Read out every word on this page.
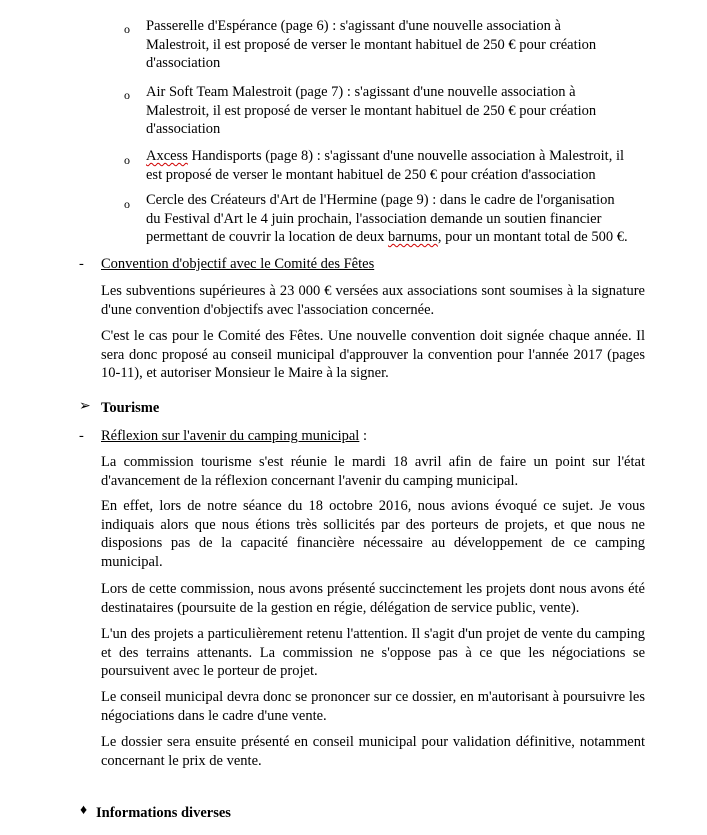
o Passerelle d'Espérance (page 6) : s'agissant d'une nouvelle association à
Malestroit, il est proposé de verser le montant habituel de 250 € pour création
d'association
o Air Soft Team Malestroit (page 7) : s'agissant d'une nouvelle association à
Malestroit, il est proposé de verser le montant habituel de 250 € pour création
d'association
o Axcess Handisports (page 8) : s'agissant d'une nouvelle association à Malestroit, il
est proposé de verser le montant habituel de 250 € pour création d'association
o Cercle des Créateurs d'Art de l'Hermine (page 9) : dans le cadre de l'organisation
du Festival d'Art le 4 juin prochain, l'association demande un soutien financier
permettant de couvrir la location de deux barnums, pour un montant total de 500 €.
- Convention d'objectif avec le Comité des Fêtes
Les subventions supérieures à 23 000 € versées aux associations sont soumises à la signature d'une convention d'objectifs avec l'association concernée.
C'est le cas pour le Comité des Fêtes. Une nouvelle convention doit signée chaque année. Il sera donc proposé au conseil municipal d'approuver la convention pour l'année 2017 (pages 10-11), et autoriser Monsieur le Maire à la signer.
➢ Tourisme
- Réflexion sur l'avenir du camping municipal :
La commission tourisme s'est réunie le mardi 18 avril afin de faire un point sur l'état d'avancement de la réflexion concernant l'avenir du camping municipal.
En effet, lors de notre séance du 18 octobre 2016, nous avions évoqué ce sujet. Je vous indiquais alors que nous étions très sollicités par des porteurs de projets, et que nous ne disposions pas de la capacité financière nécessaire au développement de ce camping municipal.
Lors de cette commission, nous avons présenté succinctement les projets dont nous avons été destinataires (poursuite de la gestion en régie, délégation de service public, vente).
L'un des projets a particulièrement retenu l'attention. Il s'agit d'un projet de vente du camping et des terrains attenants. La commission ne s'oppose pas à ce que les négociations se poursuivent avec le porteur de projet.
Le conseil municipal devra donc se prononcer sur ce dossier, en m'autorisant à poursuivre les négociations dans le cadre d'une vente.
Le dossier sera ensuite présenté en conseil municipal pour validation définitive, notamment concernant le prix de vente.
♦ Informations diverses
